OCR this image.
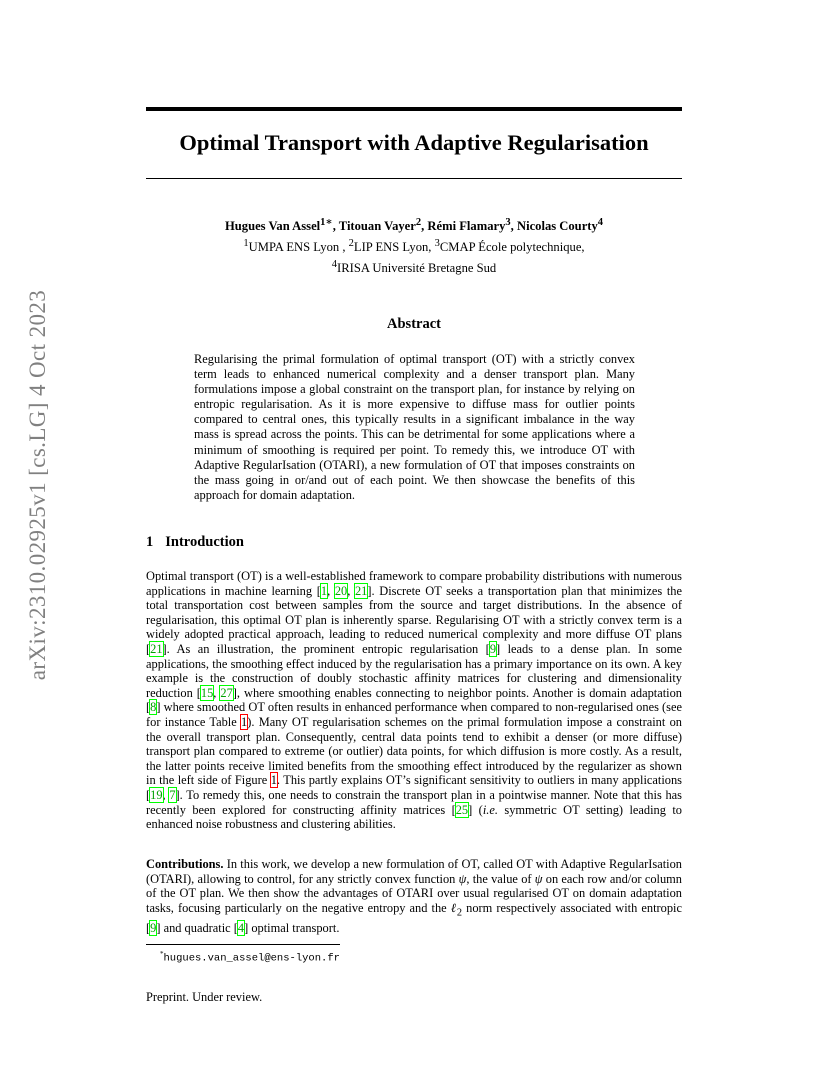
arXiv:2310.02925v1 [cs.LG] 4 Oct 2023
Optimal Transport with Adaptive Regularisation
Hugues Van Assel$^{1∗}$, Titouan Vayer$^2$, Rémi Flamary$^3$, Nicolas Courty$^4$
$^1$UMPA ENS Lyon , $^2$LIP ENS Lyon, $^3$CMAP École polytechnique,
$^4$IRISA Université Bretagne Sud
Abstract

Regularising the primal formulation of optimal transport (OT) with a strictly convex term leads to enhanced numerical complexity and a denser transport plan. Many formulations impose a global constraint on the transport plan, for instance by relying on entropic regularisation. As it is more expensive to diffuse mass for outlier points compared to central ones, this typically results in a significant imbalance in the way mass is spread across the points. This can be detrimental for some applications where a minimum of smoothing is required per point. To remedy this, we introduce OT with Adaptive RegularIsation (OTARI), a new formulation of OT that imposes constraints on the mass going in or/and out of each point. We then showcase the benefits of this approach for domain adaptation.

1 Introduction

Optimal transport (OT) is a well-established framework to compare probability distributions with numerous applications in machine learning [1, 20, 21]. Discrete OT seeks a transportation plan that minimizes the total transportation cost between samples from the source and target distributions. In the absence of regularisation, this optimal OT plan is inherently sparse. Regularising OT with a strictly convex term is a widely adopted practical approach, leading to reduced numerical complexity and more diffuse OT plans [21]. As an illustration, the prominent entropic regularisation [9] leads to a dense plan. In some applications, the smoothing effect induced by the regularisation has a primary importance on its own. A key example is the construction of doubly stochastic affinity matrices for clustering and dimensionality reduction [15, 27], where smoothing enables connecting to neighbor points. Another is domain adaptation [8] where smoothed OT often results in enhanced performance when compared to non-regularised ones (see for instance Table 1). Many OT regularisation schemes on the primal formulation impose a constraint on the overall transport plan. Consequently, central data points tend to exhibit a denser (or more diffuse) transport plan compared to extreme (or outlier) data points, for which diffusion is more costly. As a result, the latter points receive limited benefits from the smoothing effect introduced by the regularizer as shown in the left side of Figure 1. This partly explains OT’s significant sensitivity to outliers in many applications [19, 7]. To remedy this, one needs to constrain the transport plan in a pointwise manner. Note that this has recently been explored for constructing affinity matrices [25] (i.e. symmetric OT setting) leading to enhanced noise robustness and clustering abilities.

Contributions. In this work, we develop a new formulation of OT, called OT with Adaptive RegularIsation (OTARI), allowing to control, for any strictly convex function ψ, the value of ψ on each row and/or column of the OT plan. We then show the advantages of OTARI over usual regularised OT on domain adaptation tasks, focusing particularly on the negative entropy and the ℓ$_2$ norm respectively associated with entropic [9] and quadratic [4] optimal transport.

*hugues.van_assel@ens-lyon.fr
Preprint. Under review.
